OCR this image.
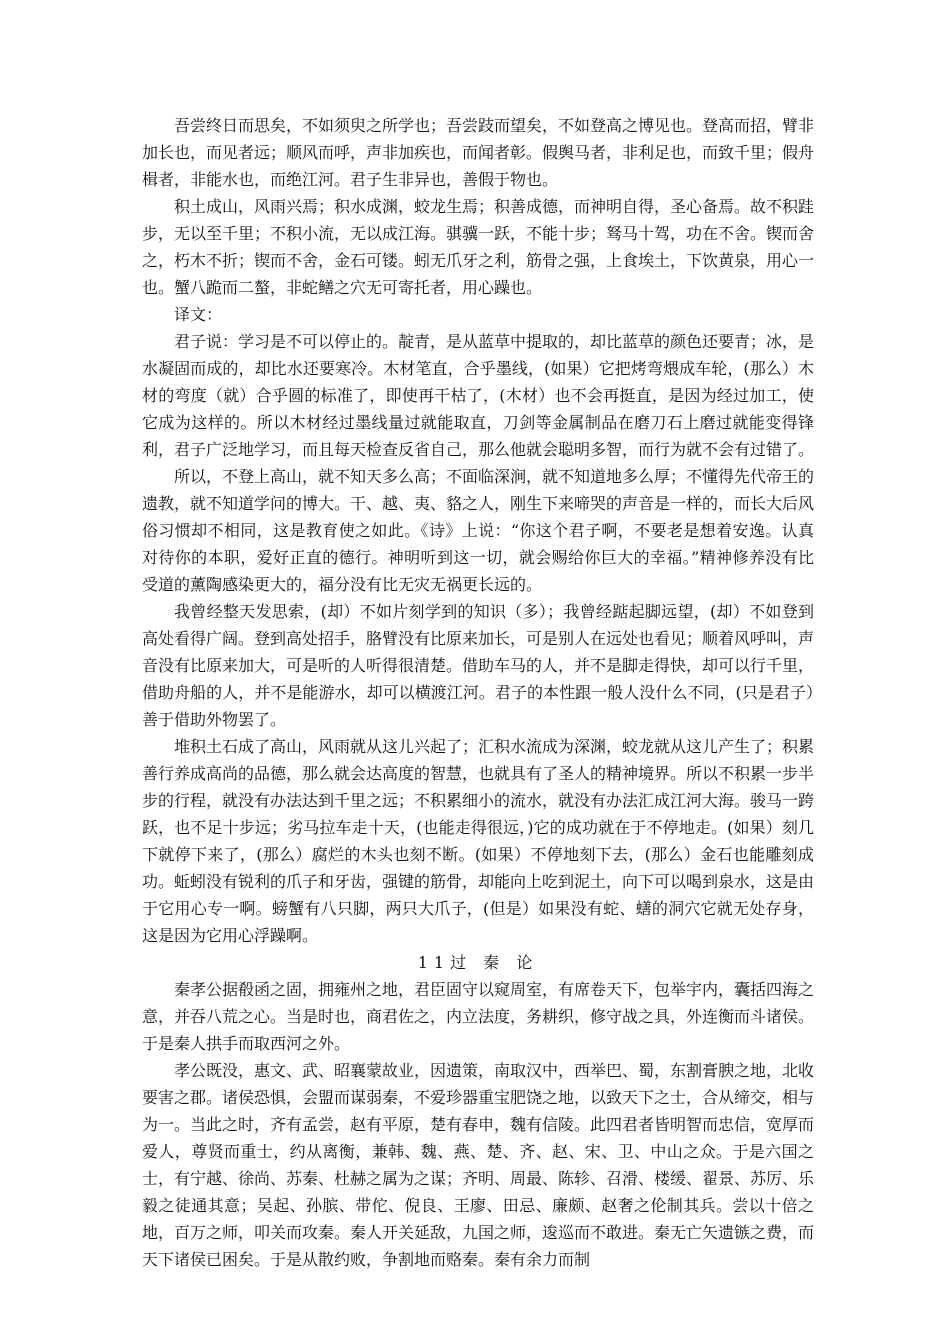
吾尝终日而思矣，不如须臾之所学也；吾尝跂而望矣，不如登高之博见也。登高而招，臂非加长也，而见者远；顺风而呼，声非加疾也，而闻者彰。假舆马者，非利足也，而致千里；假舟楫者，非能水也，而绝江河。君子生非异也，善假于物也。

积土成山，风雨兴焉；积水成渊，蛟龙生焉；积善成德，而神明自得，圣心备焉。故不积跬步，无以至千里；不积小流，无以成江海。骐骥一跃，不能十步；驽马十驾，功在不舍。锲而舍之，朽木不折；锲而不舍，金石可镂。蚓无爪牙之利，筋骨之强，上食埃土，下饮黄泉，用心一也。蟹八跪而二螯，非蛇鳝之穴无可寄托者，用心躁也。

译文：

君子说：学习是不可以停止的。靛青，是从蓝草中提取的，却比蓝草的颜色还要青；冰，是水凝固而成的，却比水还要寒冷。木材笔直，合乎墨线，(如果）它把烤弯煨成车轮，(那么）木材的弯度（就）合乎圆的标准了，即使再干枯了，(木材）也不会再挺直，是因为经过加工，使它成为这样的。所以木材经过墨线量过就能取直，刀剑等金属制品在磨刀石上磨过就能变得锋利，君子广泛地学习，而且每天检查反省自己，那么他就会聪明多智，而行为就不会有过错了。

所以，不登上高山，就不知天多么高；不面临深涧，就不知道地多么厚；不懂得先代帝王的遗教，就不知道学问的博大。干、越、夷、貉之人，刚生下来啼哭的声音是一样的，而长大后风俗习惯却不相同，这是教育使之如此。《诗》上说：“你这个君子啊，不要老是想着安逸。认真对待你的本职，爱好正直的德行。神明听到这一切，就会赐给你巨大的幸福。”精神修养没有比受道的薰陶感染更大的，福分没有比无灾无祸更长远的。

我曾经整天发思索，(却）不如片刻学到的知识（多）；我曾经踮起脚远望，(却）不如登到高处看得广阔。登到高处招手，胳臂没有比原来加长，可是别人在远处也看见；顺着风呼叫，声音没有比原来加大，可是听的人听得很清楚。借助车马的人，并不是脚走得快，却可以行千里，借助舟船的人，并不是能游水，却可以横渡江河。君子的本性跟一般人没什么不同，(只是君子）善于借助外物罢了。

堆积土石成了高山，风雨就从这儿兴起了；汇积水流成为深渊，蛟龙就从这儿产生了；积累善行养成高尚的品德，那么就会达高度的智慧，也就具有了圣人的精神境界。所以不积累一步半步的行程，就没有办法达到千里之远；不积累细小的流水，就没有办法汇成江河大海。骏马一跨跃，也不足十步远；劣马拉车走十天，(也能走得很远，)它的成功就在于不停地走。(如果）刻几下就停下来了，(那么）腐烂的木头也刻不断。(如果）不停地刻下去，(那么）金石也能雕刻成功。蚯蚓没有锐利的爪子和牙齿，强键的筋骨，却能向上吃到泥土，向下可以喝到泉水，这是由于它用心专一啊。螃蟹有八只脚，两只大爪子，(但是）如果没有蛇、蟮的洞穴它就无处存身，这是因为它用心浮躁啊。

11过 秦 论

秦孝公据殽函之固，拥雍州之地，君臣固守以窥周室，有席卷天下，包举宇内，囊括四海之意，并吞八荒之心。当是时也，商君佐之，内立法度，务耕织，修守战之具，外连衡而斗诸侯。于是秦人拱手而取西河之外。

孝公既没，惠文、武、昭襄蒙故业，因遗策，南取汉中，西举巴、蜀，东割膏腴之地，北收要害之郡。诸侯恐惧，会盟而谋弱秦，不爱珍器重宝肥饶之地，以致天下之士，合从缔交，相与为一。当此之时，齐有孟尝，赵有平原，楚有春申，魏有信陵。此四君者皆明智而忠信，宽厚而爱人，尊贤而重士，约从离衡，兼韩、魏、燕、楚、齐、赵、宋、卫、中山之众。于是六国之士，有宁越、徐尚、苏秦、杜赫之属为之谋；齐明、周最、陈轸、召滑、楼缓、翟景、苏厉、乐毅之徒通其意；吴起、孙膑、带佗、倪良、王廖、田忌、廉颇、赵奢之伦制其兵。尝以十倍之地，百万之师，叩关而攻秦。秦人开关延敌，九国之师，逡巡而不敢进。秦无亡矢遗镞之费，而天下诸侯已困矣。于是从散约败，争割地而赂秦。秦有余力而制
